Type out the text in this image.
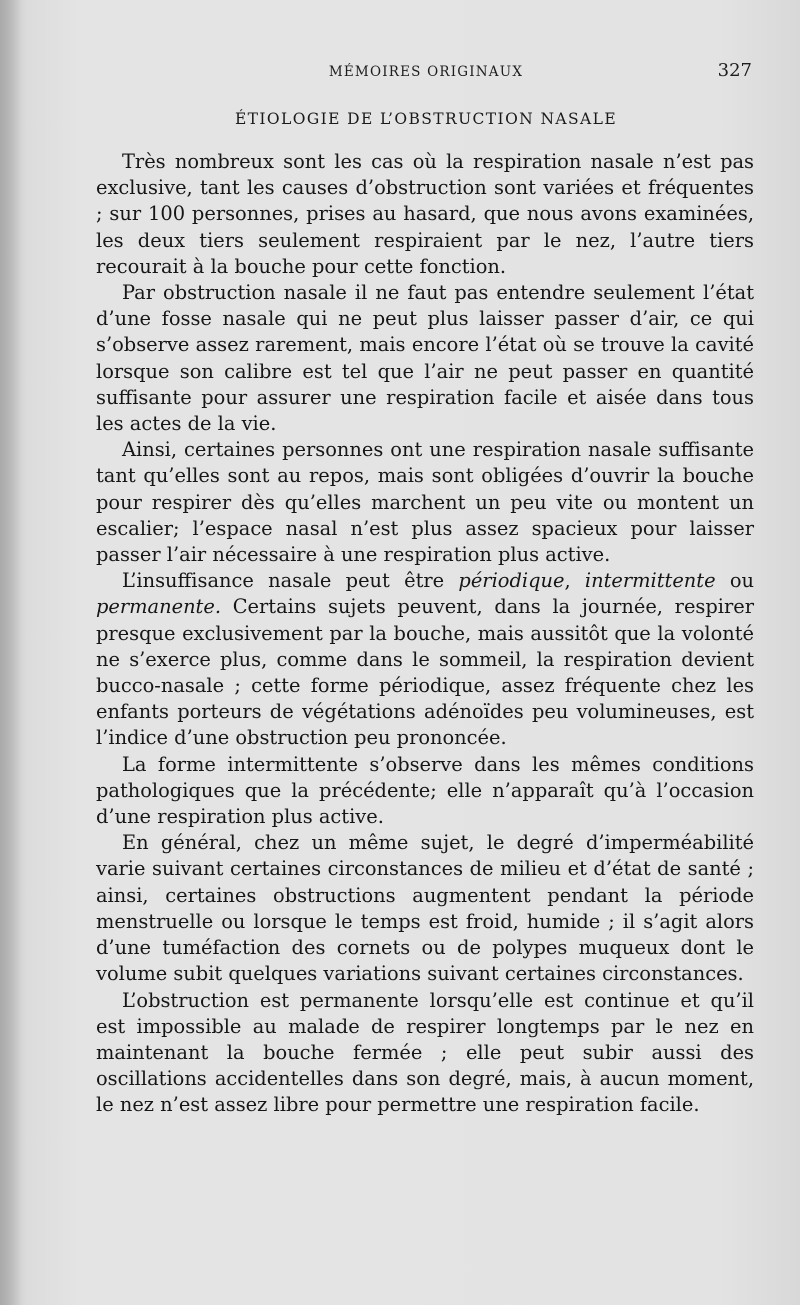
MÉMOIRES ORIGINAUX	327
ÉTIOLOGIE DE L’OBSTRUCTION NASALE

Très nombreux sont les cas où la respiration nasale n’est pas exclusive, tant les causes d’obstruction sont variées et fréquentes ; sur 100 personnes, prises au hasard, que nous avons examinées, les deux tiers seulement respiraient par le nez, l’autre tiers recourait à la bouche pour cette fonction.

Par obstruction nasale il ne faut pas entendre seulement l’état d’une fosse nasale qui ne peut plus laisser passer d’air, ce qui s’observe assez rarement, mais encore l’état où se trouve la cavité lorsque son calibre est tel que l’air ne peut passer en quantité suffisante pour assurer une respiration facile et aisée dans tous les actes de la vie.

Ainsi, certaines personnes ont une respiration nasale suffisante tant qu’elles sont au repos, mais sont obligées d’ouvrir la bouche pour respirer dès qu’elles marchent un peu vite ou montent un escalier; l’espace nasal n’est plus assez spacieux pour laisser passer l’air nécessaire à une respiration plus active.

L’insuffisance nasale peut être périodique, intermittente ou permanente. Certains sujets peuvent, dans la journée, respirer presque exclusivement par la bouche, mais aussitôt que la volonté ne s’exerce plus, comme dans le sommeil, la respiration devient bucco-nasale ; cette forme périodique, assez fréquente chez les enfants porteurs de végétations adénoïdes peu volumineuses, est l’indice d’une obstruction peu prononcée.

La forme intermittente s’observe dans les mêmes conditions pathologiques que la précédente; elle n’apparaît qu’à l’occasion d’une respiration plus active.

En général, chez un même sujet, le degré d’imperméabilité varie suivant certaines circonstances de milieu et d’état de santé ; ainsi, certaines obstructions augmentent pendant la période menstruelle ou lorsque le temps est froid, humide ; il s’agit alors d’une tuméfaction des cornets ou de polypes muqueux dont le volume subit quelques variations suivant certaines circonstances.

L’obstruction est permanente lorsqu’elle est continue et qu’il est impossible au malade de respirer longtemps par le nez en maintenant la bouche fermée ; elle peut subir aussi des oscillations accidentelles dans son degré, mais, à aucun moment, le nez n’est assez libre pour permettre une respiration facile.
